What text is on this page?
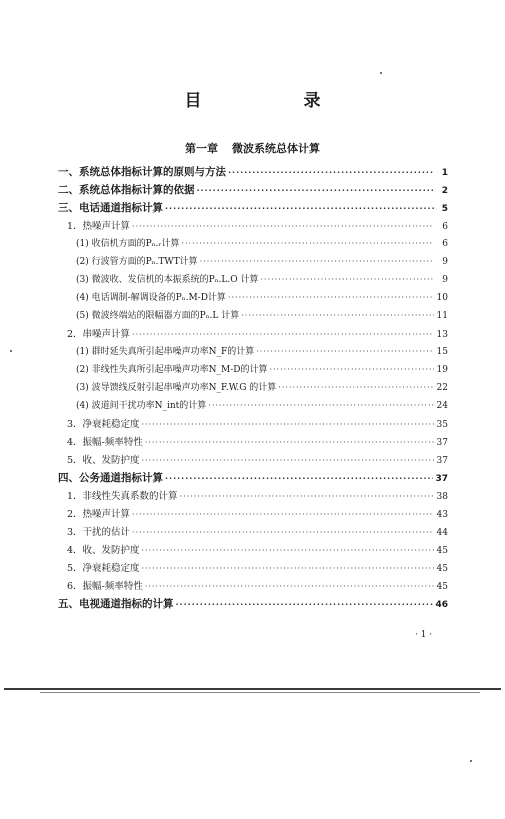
目 录
第一章 微波系统总体计算
一、系统总体指标计算的原则与方法 ·····	1
二、系统总体指标计算的依据 ·····	2
三、电话通道指标计算 ·····	5
1．热噪声计算 ·····	6
(1) 收信机方面的Pₙ.ᵣ计算 ·····	6
(2) 行波管方面的Pₙ.TWT计算 ·····	9
(3) 微波收、发信机的本振系统的Pₙ.L.O 计算 ·····	9
(4) 电话调制-解调设备的Pₙ.M-D计算 ·····	10
(5) 微波终端站的限幅器方面的Pₙ.L 计算 ·····	11
2．串噪声计算 ·····	13
(1) 群时延失真所引起串噪声功率N_F的计算 ·····	15
(2) 非线性失真所引起串噪声功率N_M-D的计算 ·····	19
(3) 波导馈线反射引起串噪声功率N_F.W.G 的计算 ·····	22
(4) 波道间干扰功率N_int的计算 ·····	24
3．净衰耗稳定度 ·····	35
4．振幅-频率特性 ·····	37
5．收、发防护度 ·····	37
四、公务通道指标计算 ·····	37
1．非线性失真系数的计算 ·····	38
2．热噪声计算 ·····	43
3．干扰的估计 ·····	44
4．收、发防护度 ·····	45
5．净衰耗稳定度 ·····	45
6．振幅-频率特性 ·····	45
五、电视通道指标的计算 ·····	46
· 1 ·
